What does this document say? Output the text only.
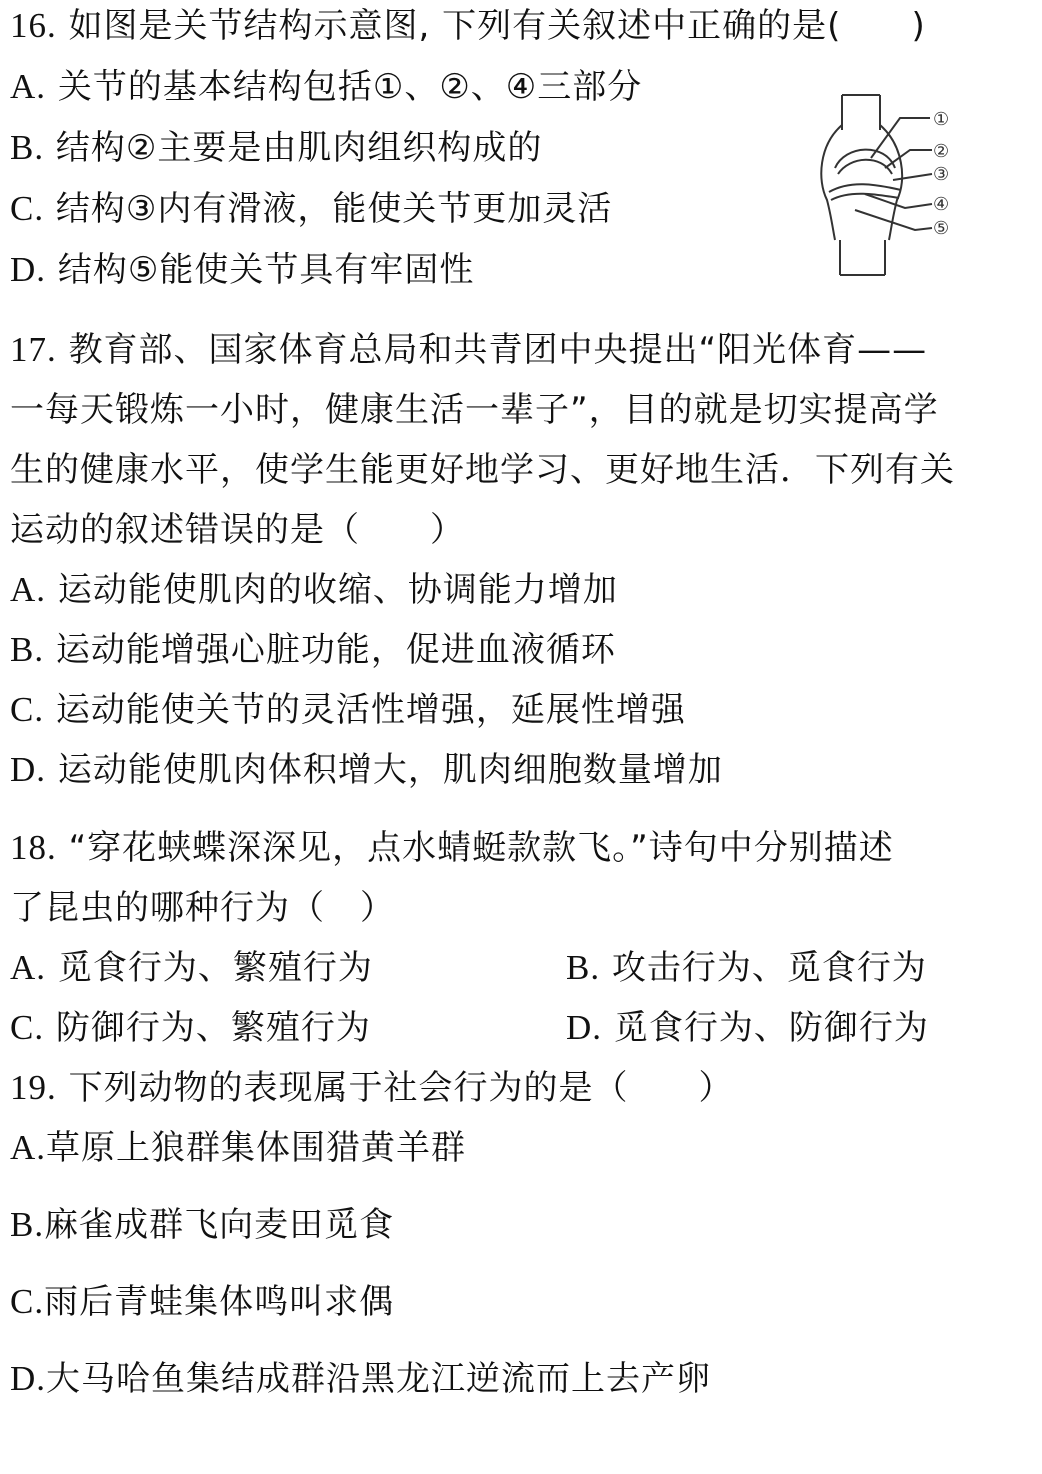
16. 如图是关节结构示意图, 下列有关叙述中正确的是(　　)
A. 关节的基本结构包括①、②、④三部分
B. 结构②主要是由肌肉组织构成的
C. 结构③内有滑液，能使关节更加灵活
D. 结构⑤能使关节具有牢固性
①
②
③
④
⑤
17. 教育部、国家体育总局和共青团中央提出“阳光体育——
一每天锻炼一小时，健康生活一辈子”，目的就是切实提高学
生的健康水平，使学生能更好地学习、更好地生活．下列有关
运动的叙述错误的是（　　）
A. 运动能使肌肉的收缩、协调能力增加
B. 运动能增强心脏功能，促进血液循环
C. 运动能使关节的灵活性增强，延展性增强
D. 运动能使肌肉体积增大，肌肉细胞数量增加
18. “穿花蛱蝶深深见，点水蜻蜓款款飞。”诗句中分别描述
了昆虫的哪种行为（　）
A. 觅食行为、繁殖行为	B. 攻击行为、觅食行为
C. 防御行为、繁殖行为	D. 觅食行为、防御行为
19. 下列动物的表现属于社会行为的是（　　）
A.草原上狼群集体围猎黄羊群
B.麻雀成群飞向麦田觅食
C.雨后青蛙集体鸣叫求偶
D.大马哈鱼集结成群沿黑龙江逆流而上去产卵
